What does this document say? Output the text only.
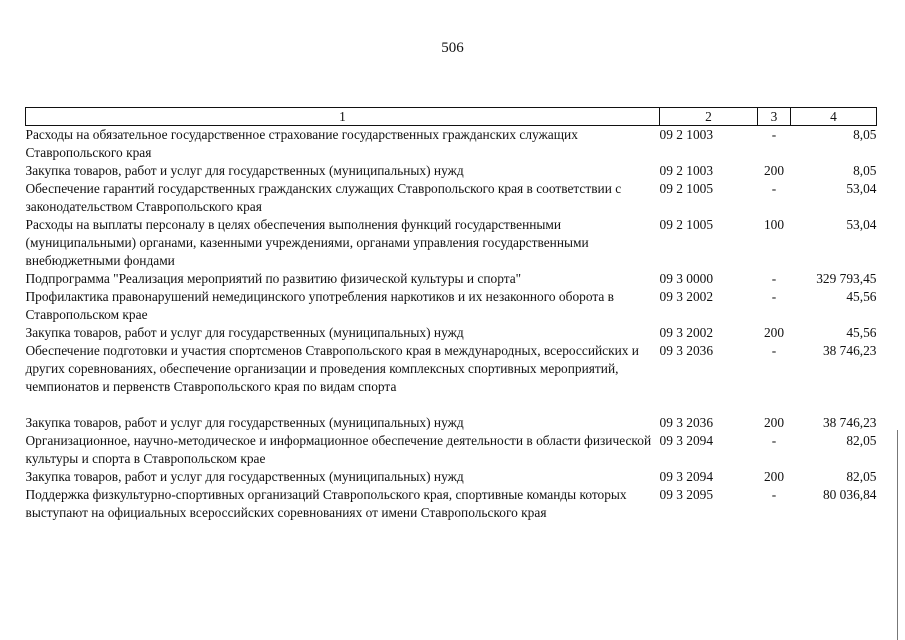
506
1	2	3	4
Расходы на обязательное государственное страхование государственных гражданских служащих Ставропольского края	09 2 1003	-	8,05
Закупка товаров, работ и услуг для государственных (муниципальных) нужд	09 2 1003	200	8,05
Обеспечение гарантий государственных гражданских служащих Ставропольского края в соответствии с законодательством Ставропольского края	09 2 1005	-	53,04
Расходы на выплаты персоналу в целях обеспечения выполнения функций государственными (муниципальными) органами, казенными учреждениями, органами управления государственными внебюджетными фондами	09 2 1005	100	53,04
Подпрограмма "Реализация мероприятий по развитию физической культуры и спорта"	09 3 0000	-	329 793,45
Профилактика правонарушений немедицинского употребления наркотиков и их незаконного оборота в Ставропольском крае	09 3 2002	-	45,56
Закупка товаров, работ и услуг для государственных (муниципальных) нужд	09 3 2002	200	45,56
Обеспечение подготовки и участия спортсменов Ставропольского края в международных, всероссийских и других соревнованиях, обеспечение организации и проведения комплексных спортивных мероприятий, чемпионатов и первенств Ставропольского края по видам спорта	09 3 2036	-	38 746,23
Закупка товаров, работ и услуг для государственных (муниципальных) нужд	09 3 2036	200	38 746,23
Организационное, научно-методическое и информационное обеспечение деятельности в области физической культуры и спорта в Ставропольском крае	09 3 2094	-	82,05
Закупка товаров, работ и услуг для государственных (муниципальных) нужд	09 3 2094	200	82,05
Поддержка физкультурно-спортивных организаций Ставропольского края, спортивные команды которых выступают на официальных всероссийских соревнованиях от имени Ставропольского края	09 3 2095	-	80 036,84
